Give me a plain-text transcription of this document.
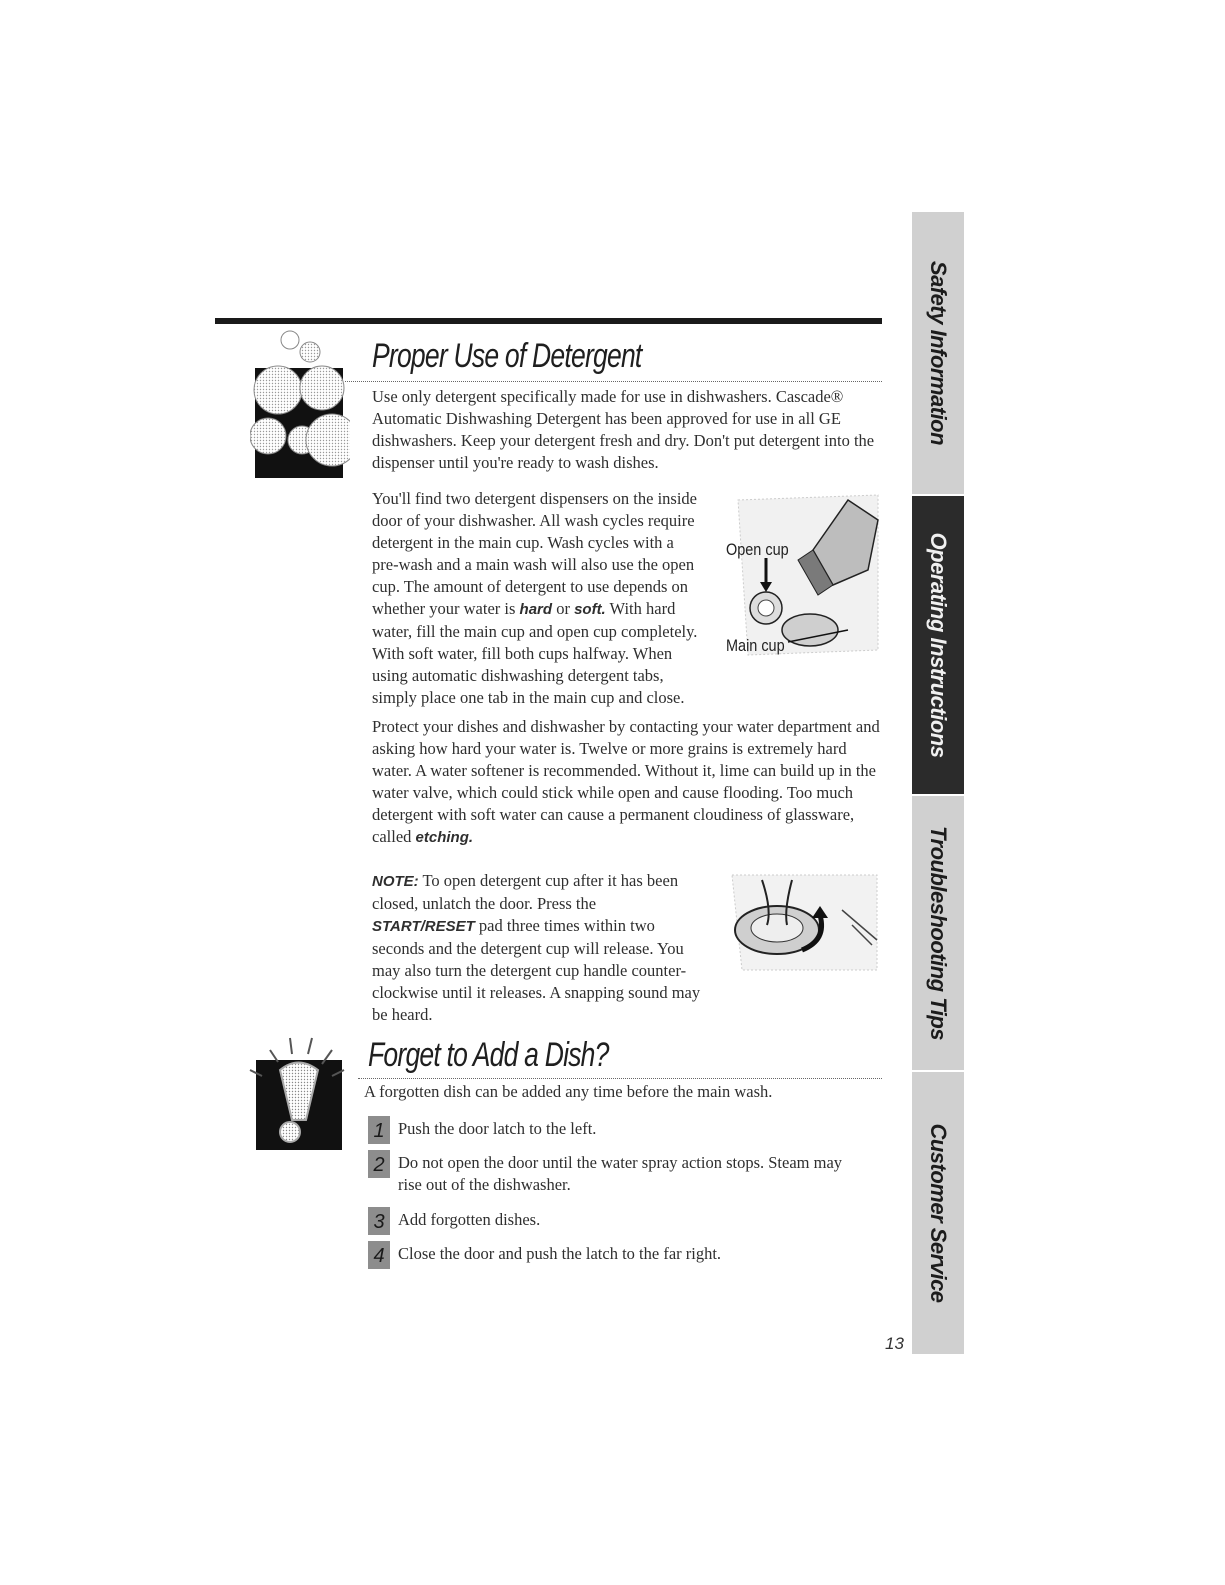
Proper Use of Detergent

Use only detergent specifically made for use in dishwashers. Cascade® Automatic Dishwashing Detergent has been approved for use in all GE dishwashers. Keep your detergent fresh and dry. Don't put detergent into the dispenser until you're ready to wash dishes.

You'll find two detergent dispensers on the inside door of your dishwasher. All wash cycles require detergent in the main cup. Wash cycles with a pre-wash and a main wash will also use the open cup. The amount of detergent to use depends on whether your water is hard or soft. With hard water, fill the main cup and open cup completely. With soft water, fill both cups halfway. When using automatic dishwashing detergent tabs, simply place one tab in the main cup and close.

Open cup
Main cup

Protect your dishes and dishwasher by contacting your water department and asking how hard your water is. Twelve or more grains is extremely hard water. A water softener is recommended. Without it, lime can build up in the water valve, which could stick while open and cause flooding. Too much detergent with soft water can cause a permanent cloudiness of glassware, called etching.

NOTE: To open detergent cup after it has been closed, unlatch the door. Press the START/RESET pad three times within two seconds and the detergent cup will release. You may also turn the detergent cup handle counter-clockwise until it releases. A snapping sound may be heard.

Forget to Add a Dish?

A forgotten dish can be added any time before the main wash.

1 Push the door latch to the left.
2 Do not open the door until the water spray action stops. Steam may rise out of the dishwasher.
3 Add forgotten dishes.
4 Close the door and push the latch to the far right.
Safety Information
Operating Instructions
Troubleshooting Tips
Customer Service
13
